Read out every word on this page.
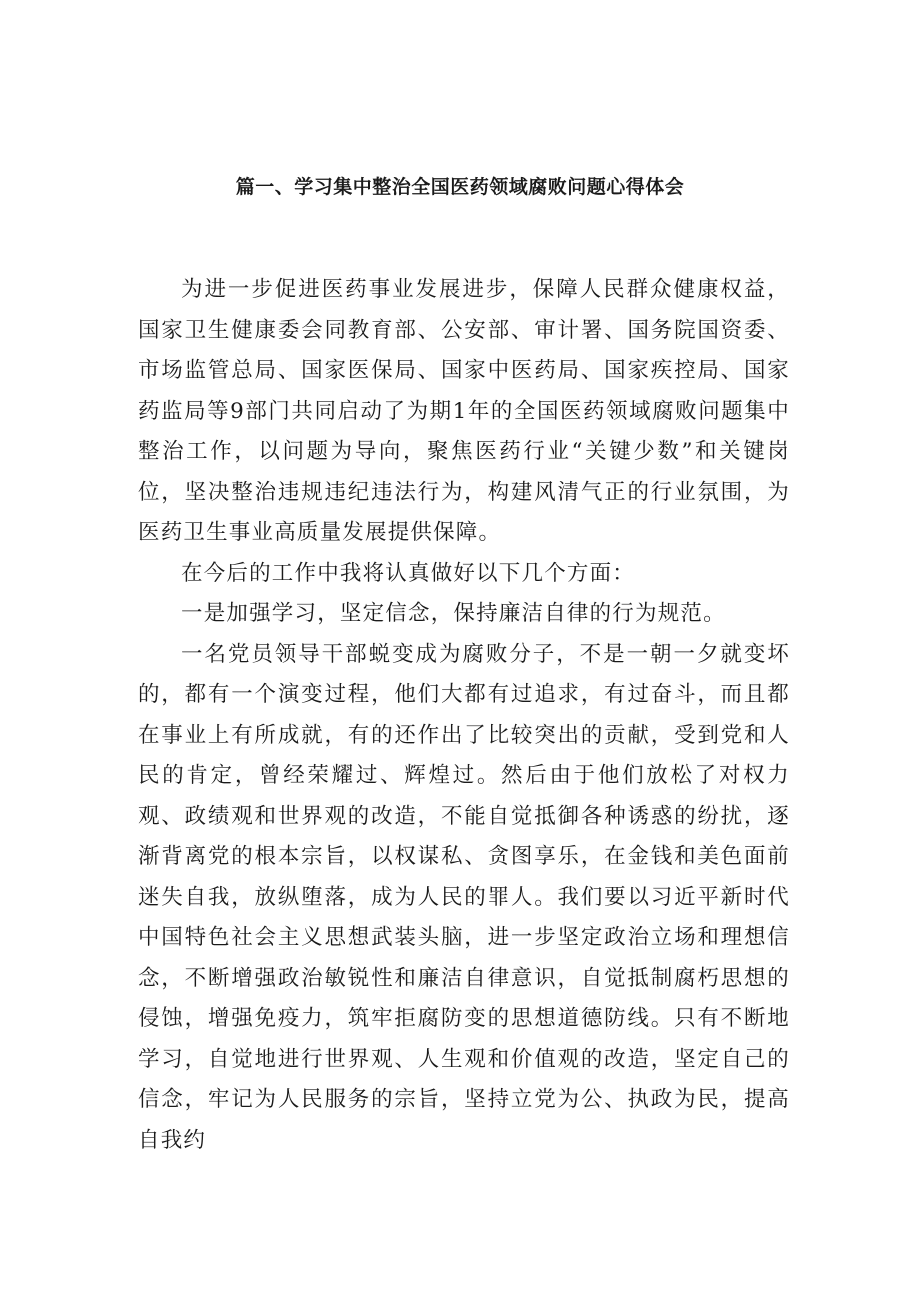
篇一、学习集中整治全国医药领域腐败问题心得体会

为进一步促进医药事业发展进步，保障人民群众健康权益，国家卫生健康委会同教育部、公安部、审计署、国务院国资委、市场监管总局、国家医保局、国家中医药局、国家疾控局、国家药监局等9部门共同启动了为期1年的全国医药领域腐败问题集中整治工作，以问题为导向，聚焦医药行业“关键少数”和关键岗位，坚决整治违规违纪违法行为，构建风清气正的行业氛围，为医药卫生事业高质量发展提供保障。

在今后的工作中我将认真做好以下几个方面：

一是加强学习，坚定信念，保持廉洁自律的行为规范。

一名党员领导干部蜕变成为腐败分子，不是一朝一夕就变坏的，都有一个演变过程，他们大都有过追求，有过奋斗，而且都在事业上有所成就，有的还作出了比较突出的贡献，受到党和人民的肯定，曾经荣耀过、辉煌过。然后由于他们放松了对权力观、政绩观和世界观的改造，不能自觉抵御各种诱惑的纷扰，逐渐背离党的根本宗旨，以权谋私、贪图享乐，在金钱和美色面前迷失自我，放纵堕落，成为人民的罪人。我们要以习近平新时代中国特色社会主义思想武装头脑，进一步坚定政治立场和理想信念，不断增强政治敏锐性和廉洁自律意识，自觉抵制腐朽思想的侵蚀，增强免疫力，筑牢拒腐防变的思想道德防线。只有不断地学习，自觉地进行世界观、人生观和价值观的改造，坚定自己的信念，牢记为人民服务的宗旨，坚持立党为公、执政为民，提高自我约
